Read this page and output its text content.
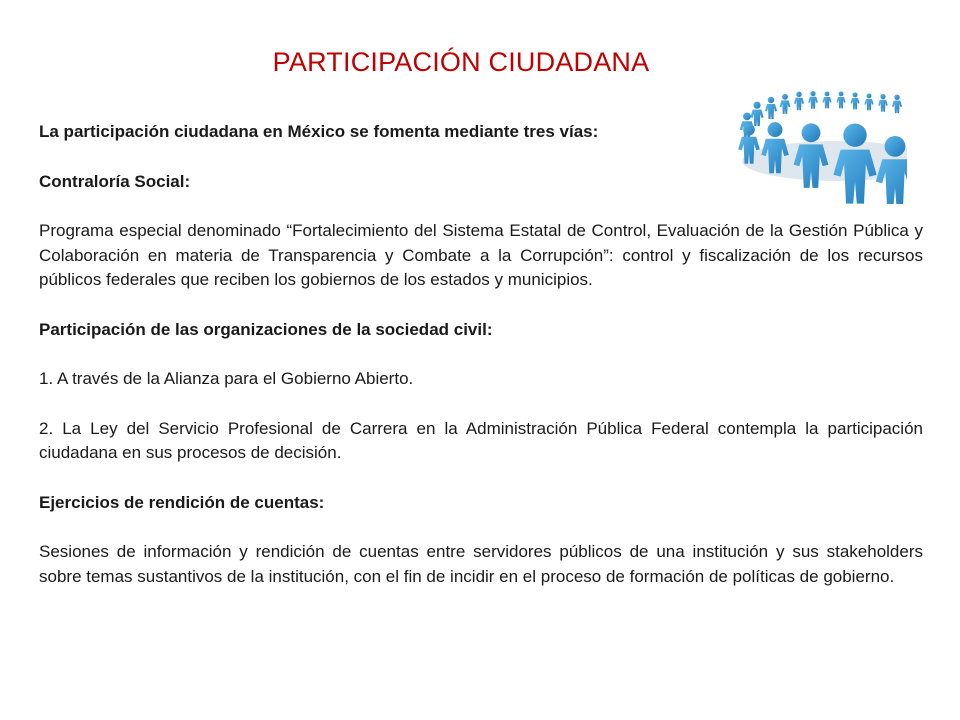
PARTICIPACIÓN CIUDADANA

La participación ciudadana en México se fomenta mediante tres vías:

Contraloría Social:

Programa especial denominado “Fortalecimiento del Sistema Estatal de Control, Evaluación de la Gestión Pública y Colaboración en materia de Transparencia y Combate a la Corrupción”: control y fiscalización de los recursos públicos federales que reciben los gobiernos de los estados y municipios.

Participación de las organizaciones de la sociedad civil:

1. A través de la Alianza para el Gobierno Abierto.

2. La Ley del Servicio Profesional de Carrera en la Administración Pública Federal contempla la participación ciudadana en sus procesos de decisión.

Ejercicios de rendición de cuentas:

Sesiones de información y rendición de cuentas entre servidores públicos de una institución y sus stakeholders sobre temas sustantivos de la institución, con el fin de incidir en el proceso de formación de políticas de gobierno.
